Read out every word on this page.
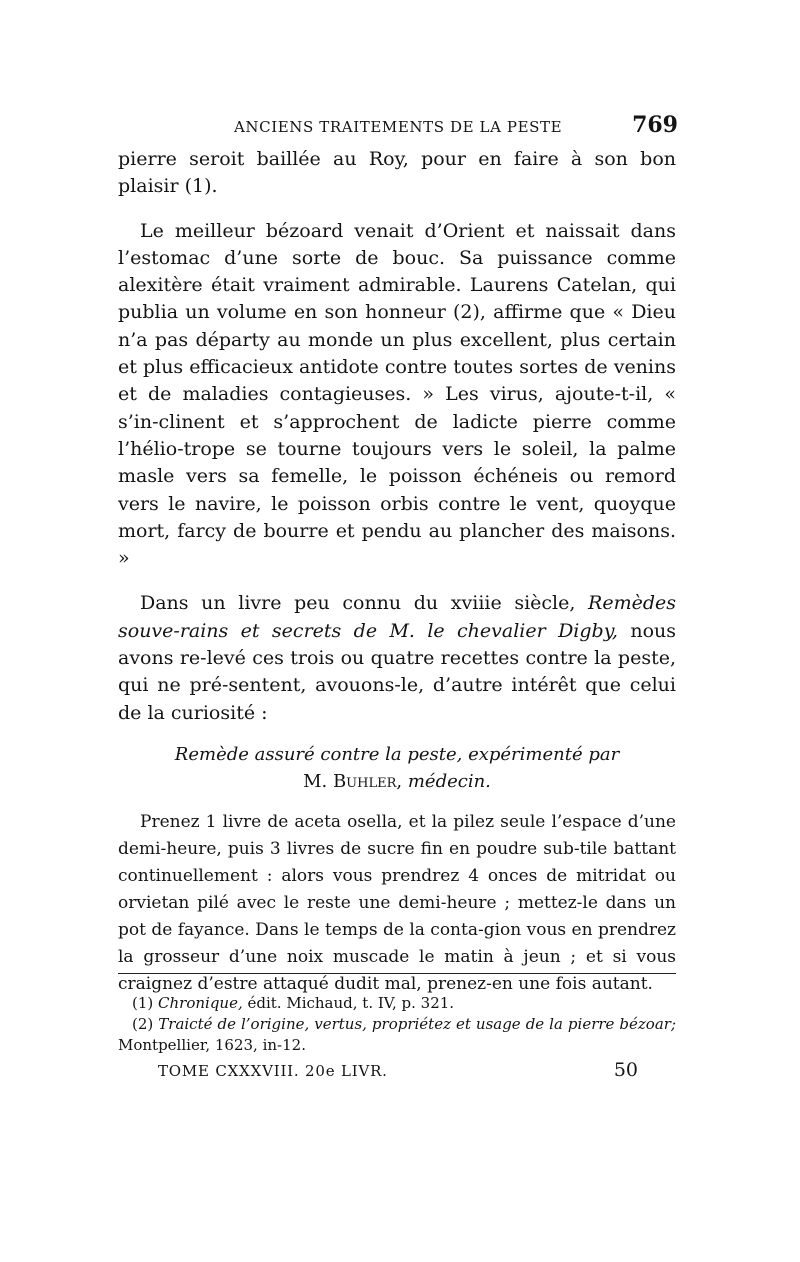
ANCIENS TRAITEMENTS DE LA PESTE	769

pierre seroit baillée au Roy, pour en faire à son bon plaisir (1).

Le meilleur bézoard venait d’Orient et naissait dans l’estomac d’une sorte de bouc. Sa puissance comme alexitère était vraiment admirable. Laurens Catelan, qui publia un volume en son honneur (2), affirme que « Dieu n’a pas départy au monde un plus excellent, plus certain et plus efficacieux antidote contre toutes sortes de venins et de maladies contagieuses. » Les virus, ajoute-t-il, « s’in-clinent et s’approchent de ladicte pierre comme l’hélio-trope se tourne toujours vers le soleil, la palme masle vers sa femelle, le poisson échéneis ou remord vers le navire, le poisson orbis contre le vent, quoyque mort, farcy de bourre et pendu au plancher des maisons. »

Dans un livre peu connu du xviiie siècle, Remèdes souve-rains et secrets de M. le chevalier Digby, nous avons re-levé ces trois ou quatre recettes contre la peste, qui ne pré-sentent, avouons-le, d’autre intérêt que celui de la curiosité :

Remède assuré contre la peste, expérimenté par
M. Buhler, médecin.

Prenez 1 livre de aceta osella, et la pilez seule l’espace d’une demi-heure, puis 3 livres de sucre fin en poudre sub-tile battant continuellement : alors vous prendrez 4 onces de mitridat ou orvietan pilé avec le reste une demi-heure ; mettez-le dans un pot de fayance. Dans le temps de la conta-gion vous en prendrez la grosseur d’une noix muscade le matin à jeun ; et si vous craignez d’estre attaqué dudit mal, prenez-en une fois autant.

(1) Chronique, édit. Michaud, t. IV, p. 321.

(2) Traicté de l’origine, vertus, propriétez et usage de la pierre bézoar; Montpellier, 1623, in-12.

TOME CXXXVIII. 20e LIVR.	50
